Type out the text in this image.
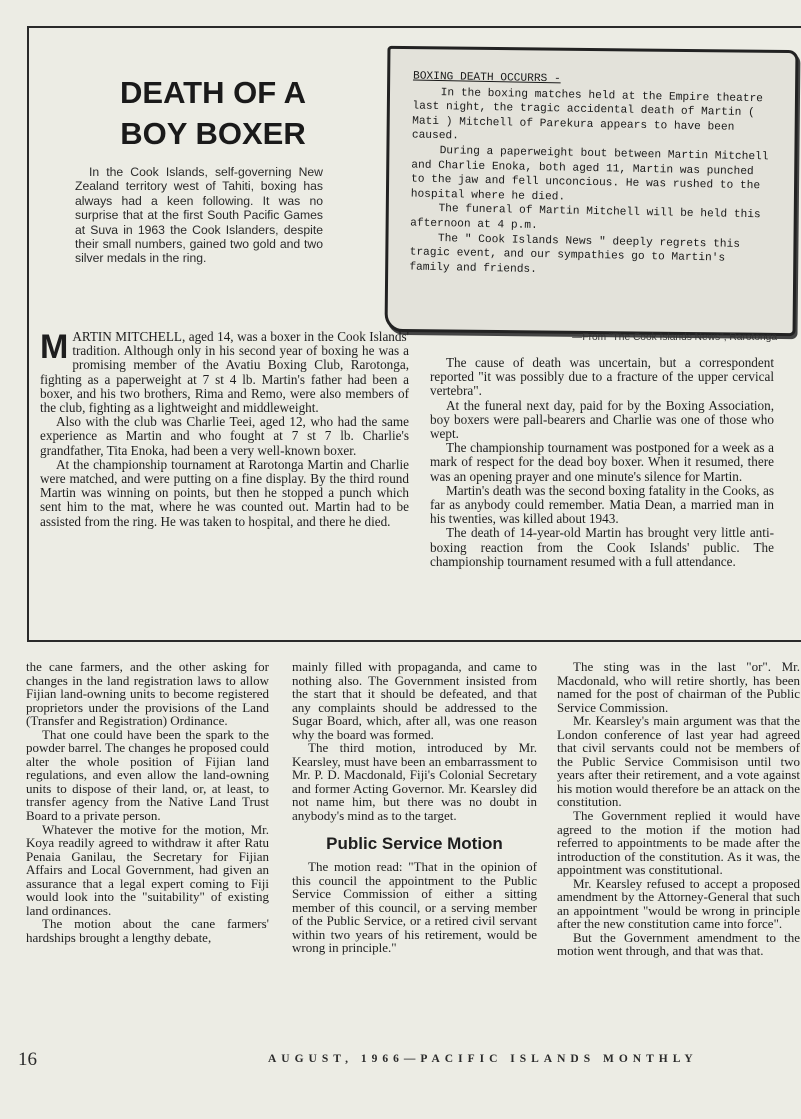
DEATH OF A
BOY BOXER

In the Cook Islands, self-governing New Zealand territory west of Tahiti, boxing has always had a keen following. It was no surprise that at the first South Pacific Games at Suva in 1963 the Cook Islanders, despite their small numbers, gained two gold and two silver medals in the ring.

BOXING DEATH OCCURRS -

In the boxing matches held at the Empire theatre last night, the tragic accidental death of Martin ( Mati ) Mitchell of Parekura appears to have been caused.

During a paperweight bout between Martin Mitchell and Charlie Enoka, both aged 11, Martin was punched to the jaw and fell unconcious. He was rushed to the hospital where he died.

The funeral of Martin Mitchell will be held this afternoon at 4 p.m.

The " Cook Islands News " deeply regrets this tragic event, and our sympathies go to Martin's family and friends.

—From "The Cook Islands News", Rarotonga

MARTIN MITCHELL, aged 14, was a boxer in the Cook Islands' tradition. Although only in his second year of boxing he was a promising member of the Avatiu Boxing Club, Rarotonga, fighting as a paperweight at 7 st 4 lb. Martin's father had been a boxer, and his two brothers, Rima and Remo, were also members of the club, fighting as a lightweight and middleweight.

Also with the club was Charlie Teei, aged 12, who had the same experience as Martin and who fought at 7 st 7 lb. Charlie's grandfather, Tita Enoka, had been a very well-known boxer.

At the championship tournament at Rarotonga Martin and Charlie were matched, and were putting on a fine display. By the third round Martin was winning on points, but then he stopped a punch which sent him to the mat, where he was counted out. Martin had to be assisted from the ring. He was taken to hospital, and there he died.

The cause of death was uncertain, but a correspondent reported "it was possibly due to a fracture of the upper cervical vertebra".

At the funeral next day, paid for by the Boxing Association, boy boxers were pall-bearers and Charlie was one of those who wept.

The championship tournament was postponed for a week as a mark of respect for the dead boy boxer. When it resumed, there was an opening prayer and one minute's silence for Martin.

Martin's death was the second boxing fatality in the Cooks, as far as anybody could remember. Matia Dean, a married man in his twenties, was killed about 1943.

The death of 14-year-old Martin has brought very little anti-boxing reaction from the Cook Islands' public. The championship tournament resumed with a full attendance.

the cane farmers, and the other asking for changes in the land registration laws to allow Fijian land-owning units to become registered proprietors under the provisions of the Land (Transfer and Registration) Ordinance.

That one could have been the spark to the powder barrel. The changes he proposed could alter the whole position of Fijian land regulations, and even allow the land-owning units to dispose of their land, or, at least, to transfer agency from the Native Land Trust Board to a private person.

Whatever the motive for the motion, Mr. Koya readily agreed to withdraw it after Ratu Penaia Ganilau, the Secretary for Fijian Affairs and Local Government, had given an assurance that a legal expert coming to Fiji would look into the "suitability" of existing land ordinances.

The motion about the cane farmers' hardships brought a lengthy debate,

mainly filled with propaganda, and came to nothing also. The Government insisted from the start that it should be defeated, and that any complaints should be addressed to the Sugar Board, which, after all, was one reason why the board was formed.

The third motion, introduced by Mr. Kearsley, must have been an embarrassment to Mr. P. D. Macdonald, Fiji's Colonial Secretary and former Acting Governor. Mr. Kearsley did not name him, but there was no doubt in anybody's mind as to the target.

Public Service Motion

The motion read: "That in the opinion of this council the appointment to the Public Service Commission of either a sitting member of this council, or a serving member of the Public Service, or a retired civil servant within two years of his retirement, would be wrong in principle."

The sting was in the last "or". Mr. Macdonald, who will retire shortly, has been named for the post of chairman of the Public Service Commission.

Mr. Kearsley's main argument was that the London conference of last year had agreed that civil servants could not be members of the Public Service Commisison until two years after their retirement, and a vote against his motion would therefore be an attack on the constitution.

The Government replied it would have agreed to the motion if the motion had referred to appointments to be made after the introduction of the constitution. As it was, the appointment was constitutional.

Mr. Kearsley refused to accept a proposed amendment by the Attorney-General that such an appointment "would be wrong in principle after the new constitution came into force".

But the Government amendment to the motion went through, and that was that.

16	AUGUST, 1966—PACIFIC ISLANDS MONTHLY
